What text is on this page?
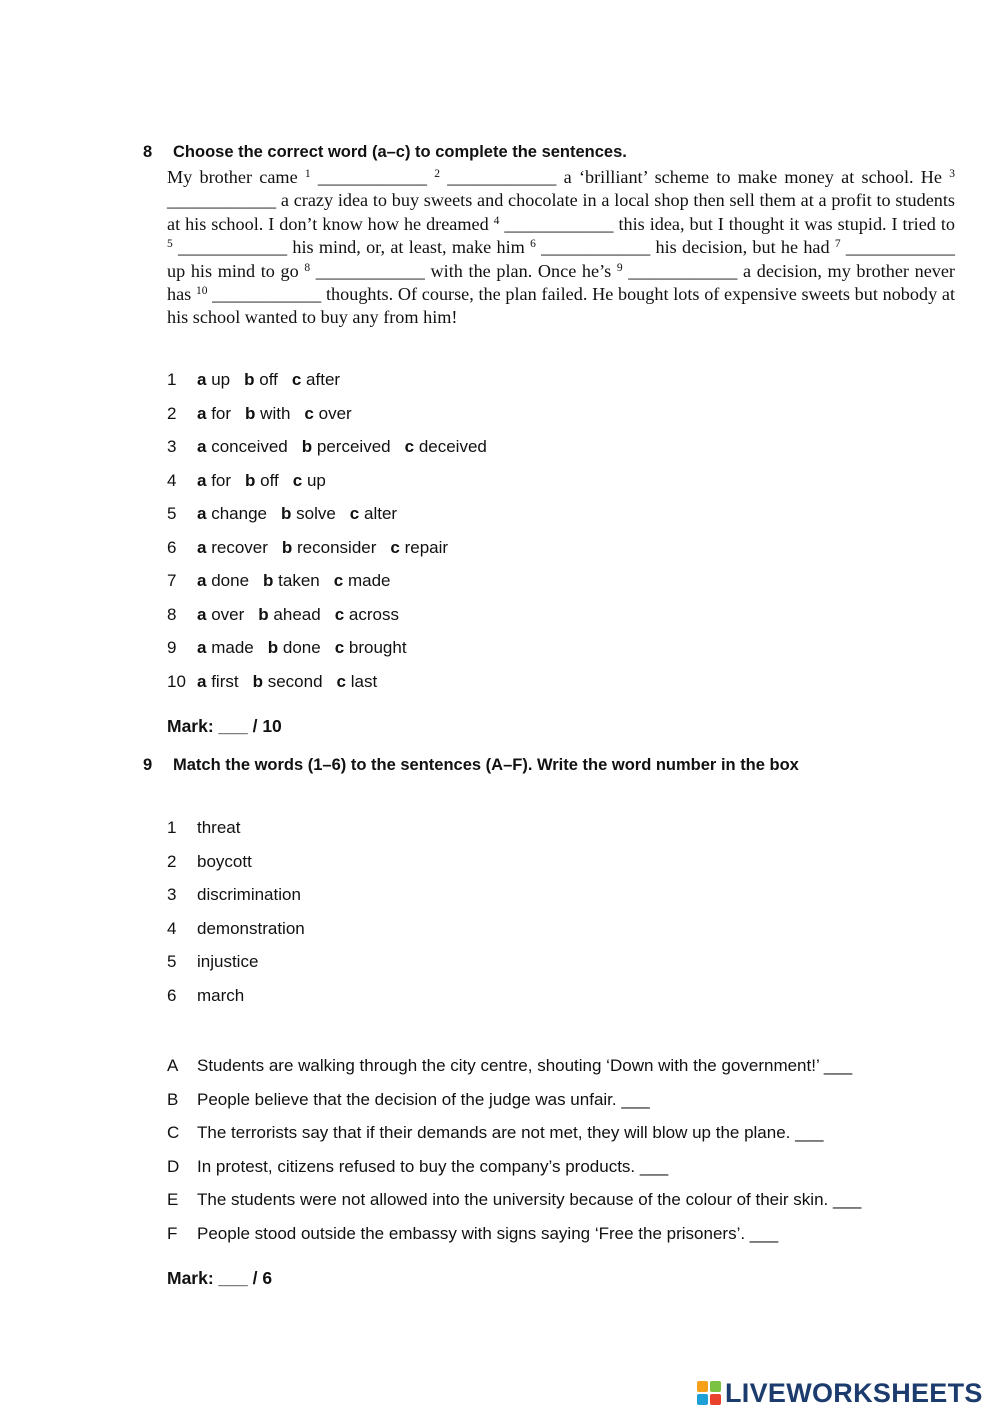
8 Choose the correct word (a–c) to complete the sentences.
My brother came $^1$ ____________ $^2$ ____________ a ‘brilliant’ scheme to make money at school. He $^3$ ____________ a crazy idea to buy sweets and chocolate in a local shop then sell them at a profit to students at his school. I don’t know how he dreamed $^4$ ____________ this idea, but I thought it was stupid. I tried to $^5$ ____________ his mind, or, at least, make him $^6$ ____________ his decision, but he had $^7$ ____________ up his mind to go $^8$ ____________ with the plan. Once he’s $^9$ ____________ a decision, my brother never has $^{10}$ ____________ thoughts. Of course, the plan failed. He bought lots of expensive sweets but nobody at his school wanted to buy any from him!
1 a up b off c after
2 a for b with c over
3 a conceived b perceived c deceived
4 a for b off c up
5 a change b solve c alter
6 a recover b reconsider c repair
7 a done b taken c made
8 a over b ahead c across
9 a made b done c brought
10 a first b second c last
Mark: ___ / 10
9 Match the words (1–6) to the sentences (A–F). Write the word number in the box
1 threat
2 boycott
3 discrimination
4 demonstration
5 injustice
6 march
A Students are walking through the city centre, shouting ‘Down with the government!’ ___
B People believe that the decision of the judge was unfair. ___
C The terrorists say that if their demands are not met, they will blow up the plane. ___
D In protest, citizens refused to buy the company’s products. ___
E The students were not allowed into the university because of the colour of their skin. ___
F People stood outside the embassy with signs saying ‘Free the prisoners’. ___
Mark: ___ / 6
LIVEWORKSHEETS
